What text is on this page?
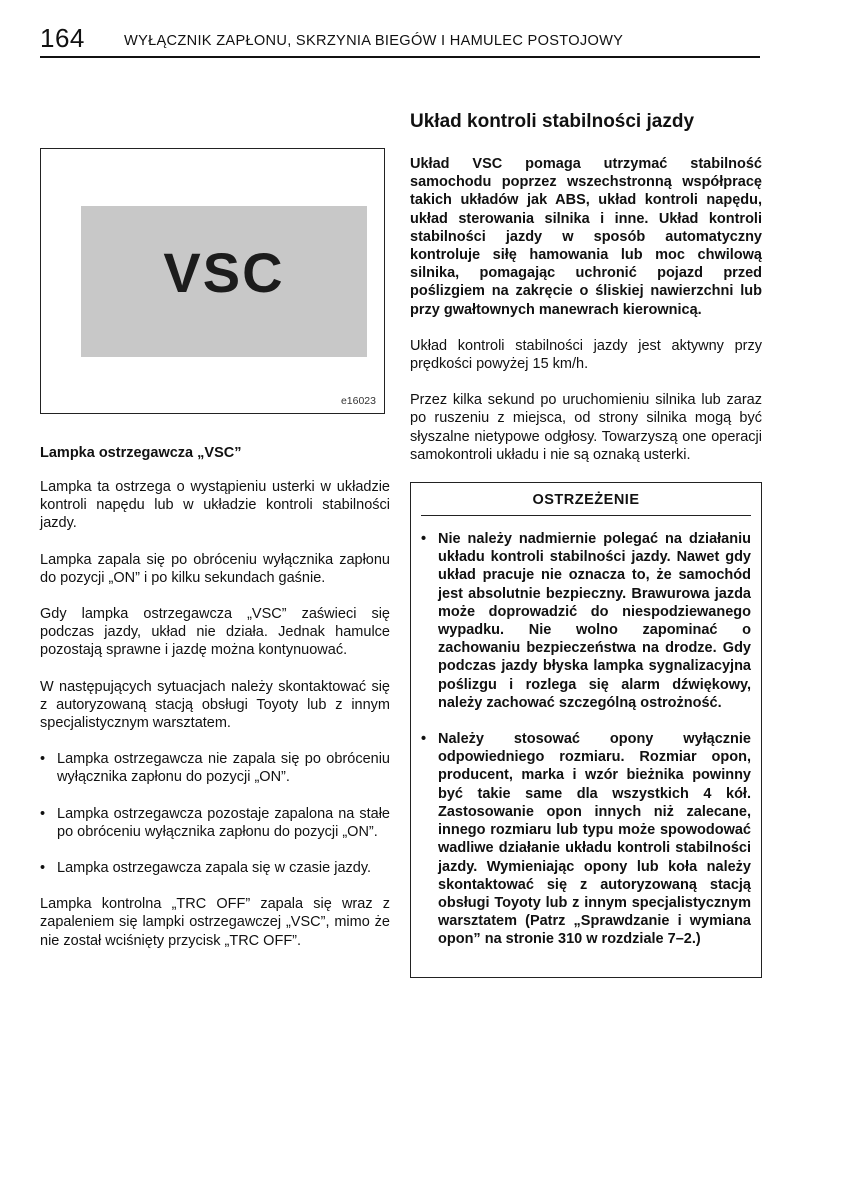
164	WYŁĄCZNIK ZAPŁONU, SKRZYNIA BIEGÓW I HAMULEC POSTOJOWY
VSC
e16023
Lampka ostrzegawcza „VSC”

Lampka ta ostrzega o wystąpieniu usterki w układzie kontroli napędu lub w układzie kontroli stabilności jazdy.

Lampka zapala się po obróceniu wyłącznika zapłonu do pozycji „ON” i po kilku sekundach gaśnie.

Gdy lampka ostrzegawcza „VSC” zaświeci się podczas jazdy, układ nie działa. Jednak hamulce pozostają sprawne i jazdę można kontynuować.

W następujących sytuacjach należy skontaktować się z autoryzowaną stacją obsługi Toyoty lub z innym specjalistycznym warsztatem.

• Lampka ostrzegawcza nie zapala się po obróceniu wyłącznika zapłonu do pozycji „ON”.
• Lampka ostrzegawcza pozostaje zapalona na stałe po obróceniu wyłącznika zapłonu do pozycji „ON”.
• Lampka ostrzegawcza zapala się w czasie jazdy.

Lampka kontrolna „TRC OFF” zapala się wraz z zapaleniem się lampki ostrzegawczej „VSC”, mimo że nie został wciśnięty przycisk „TRC OFF”.

Układ kontroli stabilności jazdy

Układ VSC pomaga utrzymać stabilność samochodu poprzez wszechstronną współpracę takich układów jak ABS, układ kontroli napędu, układ sterowania silnika i inne. Układ kontroli stabilności jazdy w sposób automatyczny kontroluje siłę hamowania lub moc chwilową silnika, pomagając uchronić pojazd przed poślizgiem na zakręcie o śliskiej nawierzchni lub przy gwałtownych manewrach kierownicą.

Układ kontroli stabilności jazdy jest aktywny przy prędkości powyżej 15 km/h.

Przez kilka sekund po uruchomieniu silnika lub zaraz po ruszeniu z miejsca, od strony silnika mogą być słyszalne nietypowe odgłosy. Towarzyszą one operacji samokontroli układu i nie są oznaką usterki.

OSTRZEŻENIE
• Nie należy nadmiernie polegać na działaniu układu kontroli stabilności jazdy. Nawet gdy układ pracuje nie oznacza to, że samochód jest absolutnie bezpieczny. Brawurowa jazda może doprowadzić do niespodziewanego wypadku. Nie wolno zapominać o zachowaniu bezpieczeństwa na drodze. Gdy podczas jazdy błyska lampka sygnalizacyjna poślizgu i rozlega się alarm dźwiękowy, należy zachować szczególną ostrożność.
• Należy stosować opony wyłącznie odpowiedniego rozmiaru. Rozmiar opon, producent, marka i wzór bieżnika powinny być takie same dla wszystkich 4 kół. Zastosowanie opon innych niż zalecane, innego rozmiaru lub typu może spowodować wadliwe działanie układu kontroli stabilności jazdy. Wymieniając opony lub koła należy skontaktować się z autoryzowaną stacją obsługi Toyoty lub z innym specjalistycznym warsztatem (Patrz „Sprawdzanie i wymiana opon” na stronie 310 w rozdziale 7–2.)
